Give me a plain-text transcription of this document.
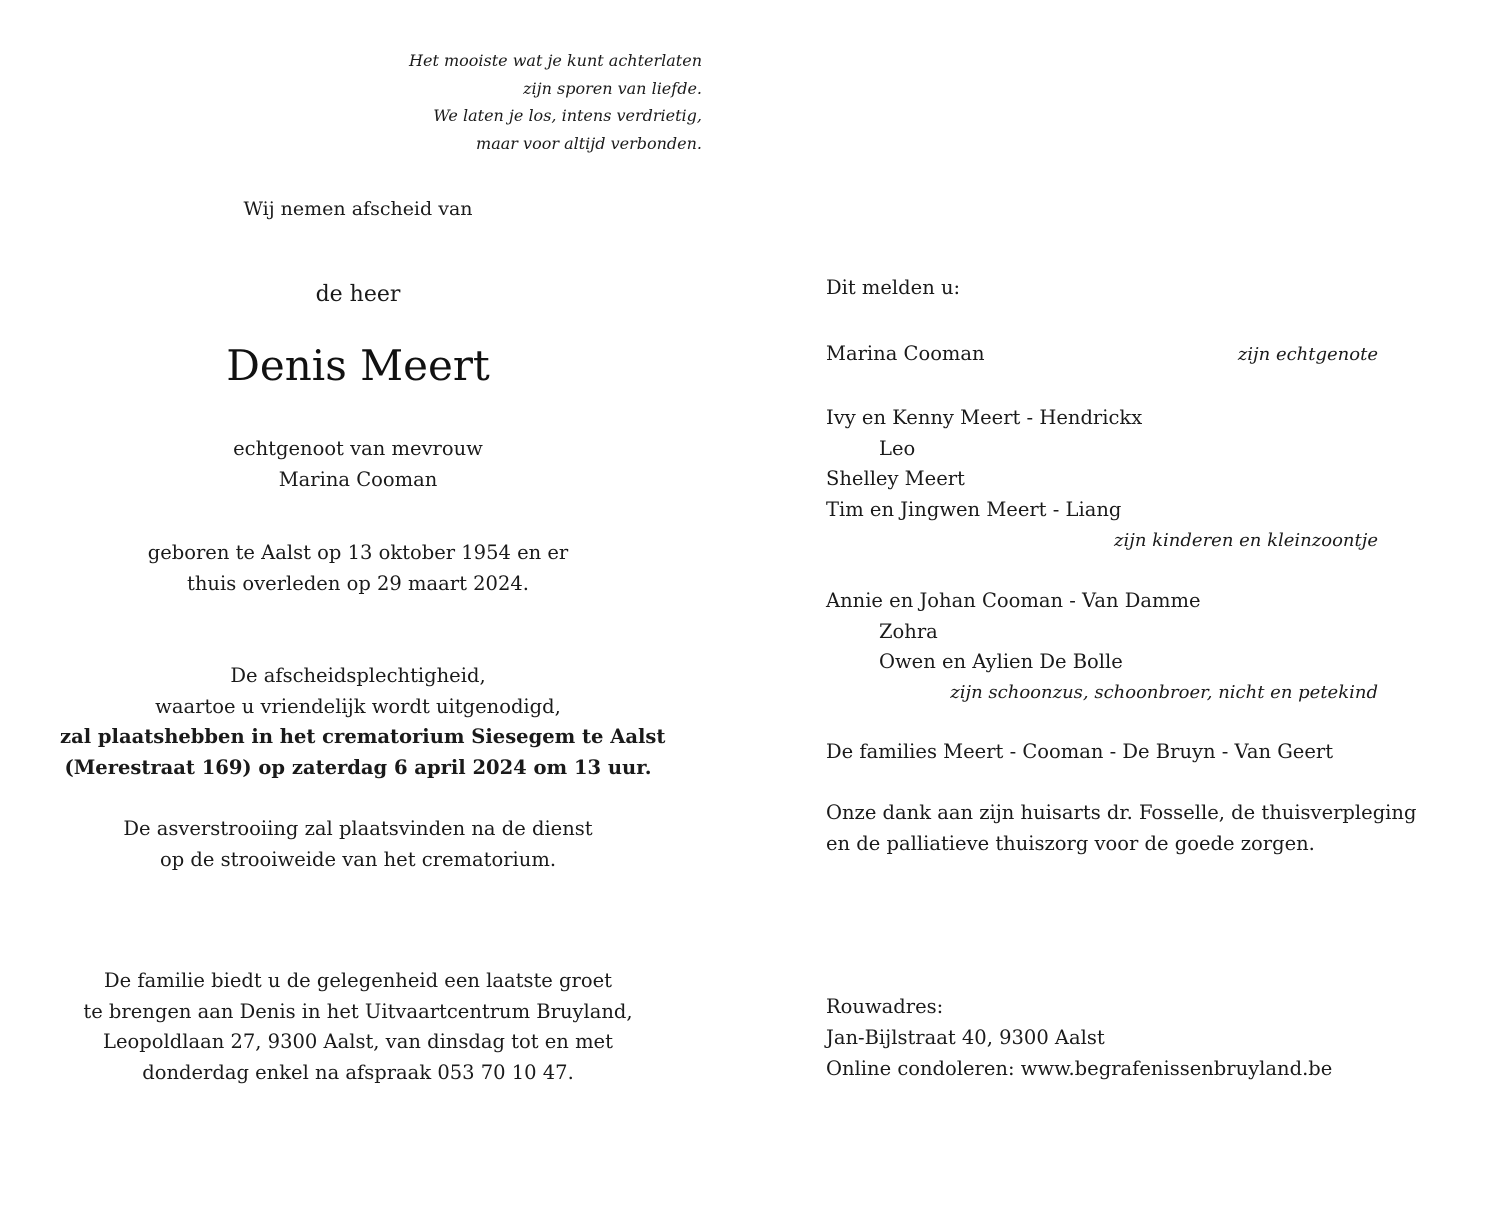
Het mooiste wat je kunt achterlaten
zijn sporen van liefde.
We laten je los, intens verdrietig,
maar voor altijd verbonden.
Wij nemen afscheid van
de heer
Denis Meert
echtgenoot van mevrouw
Marina Cooman
geboren te Aalst op 13 oktober 1954 en er
thuis overleden op 29 maart 2024.
De afscheidsplechtigheid,
waartoe u vriendelijk wordt uitgenodigd,
zal plaatshebben in het crematorium Siesegem te Aalst
(Merestraat 169) op zaterdag 6 april 2024 om 13 uur.
De asverstrooiing zal plaatsvinden na de dienst
op de strooiweide van het crematorium.
De familie biedt u de gelegenheid een laatste groet
te brengen aan Denis in het Uitvaartcentrum Bruyland,
Leopoldlaan 27, 9300 Aalst, van dinsdag tot en met
donderdag enkel na afspraak 053 70 10 47.
Dit melden u:
Marina Cooman	zijn echtgenote
Ivy en Kenny Meert - Hendrickx
Leo
Shelley Meert
Tim en Jingwen Meert - Liang
zijn kinderen en kleinzoontje
Annie en Johan Cooman - Van Damme
Zohra
Owen en Aylien De Bolle
zijn schoonzus, schoonbroer, nicht en petekind
De families Meert - Cooman - De Bruyn - Van Geert
Onze dank aan zijn huisarts dr. Fosselle, de thuisverpleging
en de palliatieve thuiszorg voor de goede zorgen.
Rouwadres:
Jan-Bijlstraat 40, 9300 Aalst
Online condoleren: www.begrafenissenbruyland.be
